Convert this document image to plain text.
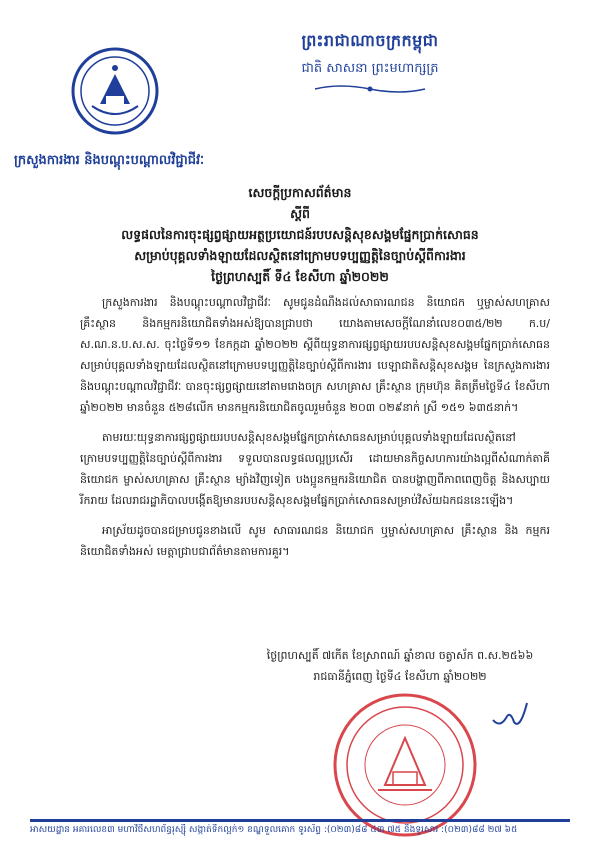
ព្រះរាជាណាចក្រកម្ពុជា
ជាតិ សាសនា ព្រះមហាក្សត្រ
ក្រសួងការងារ និងបណ្តុះបណ្តាលវិជ្ជាជីវៈ
សេចក្តីប្រកាសព័ត៌មាន
ស្តីពី
លទ្ធផលនៃការចុះផ្សព្វផ្សាយអត្ថប្រយោជន៍របបសន្តិសុខសង្គមផ្នែកប្រាក់សោធន
សម្រាប់បុគ្គលទាំងឡាយដែលស្ថិតនៅក្រោមបទប្បញ្ញត្តិនៃច្បាប់ស្តីពីការងារ
ថ្ងៃព្រហស្បតិ៍ ទី៤ ខែសីហា ឆ្នាំ២០២២

ក្រសួងការងារ និងបណ្តុះបណ្តាលវិជ្ជាជីវៈ សូមជូនដំណឹងដល់សាធារណជន និយោជក ឬម្ចាស់សហគ្រាស គ្រឹះស្ថាន និងកម្មករនិយោជិតទាំងអស់ឱ្យបានជ្រាបថា យោងតាមសេចក្តីណែនាំលេខ០៣៥/២២ ក.ប/ស.ណ.ន.ប.ស.ស. ចុះថ្ងៃទី១១ ខែកក្កដា ឆ្នាំ២០២២ ស្តីពីយុទ្ធនាការផ្សព្វផ្សាយរបបសន្តិសុខសង្គមផ្នែកប្រាក់សោធនសម្រាប់បុគ្គលទាំងឡាយដែលស្ថិតនៅក្រោមបទប្បញ្ញត្តិនៃច្បាប់ស្តីពីការងារ បេឡាជាតិសន្តិសុខសង្គម នៃក្រសួងការងារ និងបណ្តុះបណ្តាលវិជ្ជាជីវៈ បានចុះផ្សព្វផ្សាយនៅតាមរោងចក្រ សហគ្រាស គ្រឹះស្ថាន ក្រុមហ៊ុន គិតត្រឹមថ្ងៃទី៤ ខែសីហា ឆ្នាំ២០២២ មានចំនួន ៥២៨លើក មានកម្មករនិយោជិតចូលរួមចំនួន ២០៣ ០២៩នាក់ ស្រី ១៥១ ៦៣៥នាក់។

តាមរយៈយុទ្ធនាការផ្សព្វផ្សាយរបបសន្តិសុខសង្គមផ្នែកប្រាក់សោធនសម្រាប់បុគ្គលទាំងឡាយដែលស្ថិតនៅក្រោមបទប្បញ្ញត្តិនៃច្បាប់ស្តីពីការងារ ទទួលបានលទ្ធផលល្អប្រសើរ ដោយមានកិច្ចសហការយ៉ាងល្អពីសំណាក់តាគីនិយោជក ម្ចាស់សហគ្រាស គ្រឹះស្ថាន ម្យ៉ាងវិញទៀត បងប្អូនកម្មករនិយោជិត បានបង្ហាញពីភាពពេញចិត្ត និងសប្បាយរីករាយ ដែលរាជរដ្ឋាភិបាលបង្កើតឱ្យមានរបបសន្តិសុខសង្គមផ្នែកប្រាក់សោធនសម្រាប់វិស័យឯកជននេះឡើង។

អាស្រ័យដូចបានជម្រាបជូនខាងលើ សូម សាធារណជន និយោជក ឬម្ចាស់សហគ្រាស គ្រឹះស្ថាន និង កម្មករនិយោជិតទាំងអស់ មេត្តាជ្រាបជាព័ត៌មានតាមការគួរ។

ថ្ងៃព្រហស្បតិ៍ ៧កើត ខែស្រាពណ៍ ឆ្នាំខាល ចត្វាស័ក ព.ស.២៥៦៦
រាជធានីភ្នំពេញ ថ្ងៃទី៤ ខែសីហា ឆ្នាំ២០២២
អាសយដ្ឋាន អគារលេខ៣ មហាវិថីសហព័ន្ធរុស្ស៊ី សង្កាត់ទឹកល្អក់១ ខណ្ឌទួលគោក ទូរស័ព្ទ :(០២៣)៨៨ ៤៣ ៧៥ និងទូរសារ :(០២៣)៨៨ ២៧ ៦៥
